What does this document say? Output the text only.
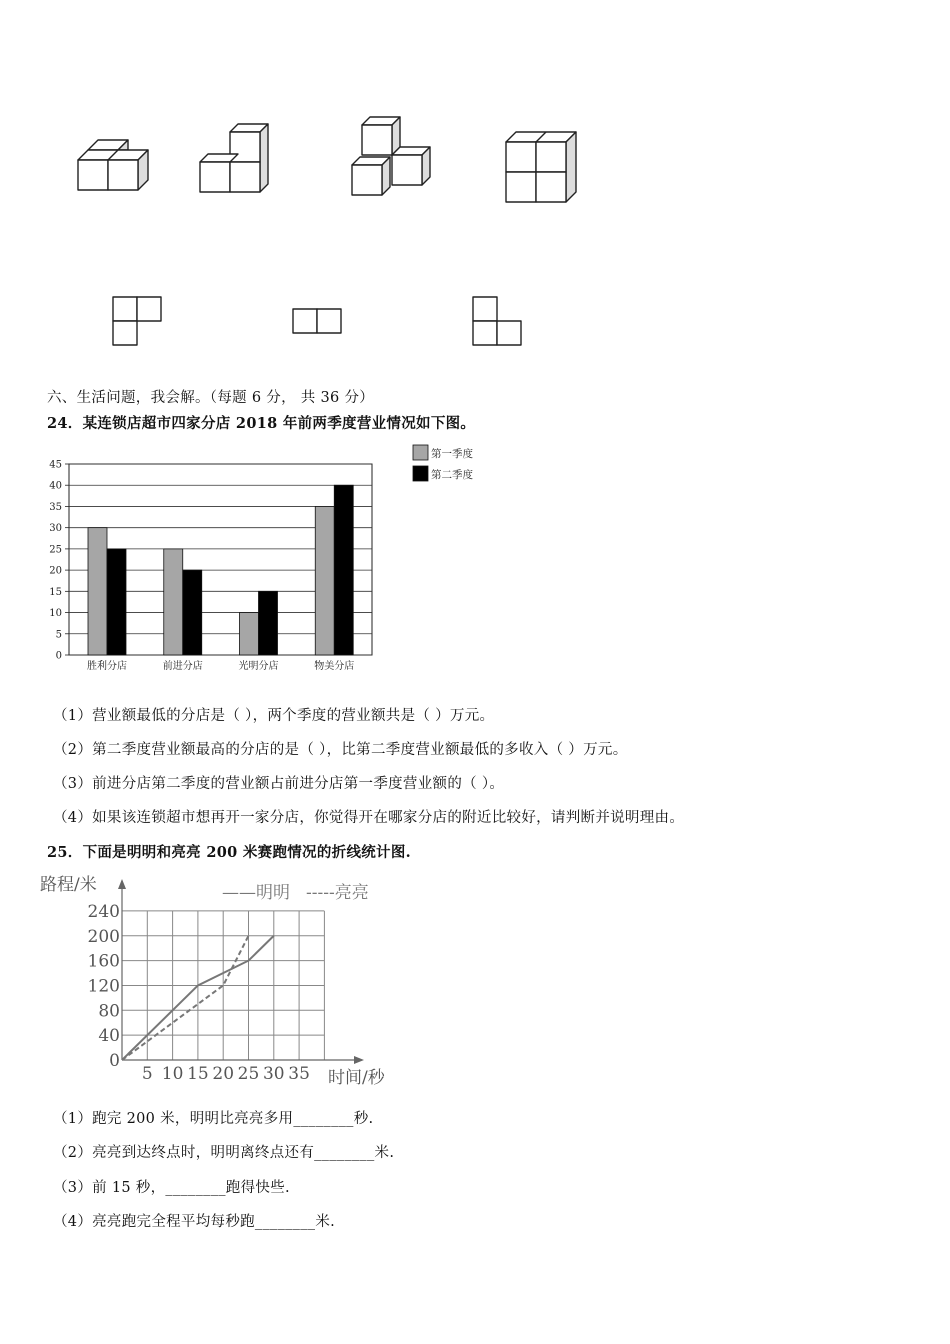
六、生活问题，我会解。（每题 6 分， 共 36 分）
24．某连锁店超市四家分店 2018 年前两季度营业情况如下图。
0
5
10
15
20
25
30
35
40
45
胜利分店	前进分店	光明分店	物美分店
第一季度
第二季度
（1）营业额最低的分店是（ ），两个季度的营业额共是（ ）万元。
（2）第二季度营业额最高的分店的是（ ），比第二季度营业额最低的多收入（ ）万元。
（3）前进分店第二季度的营业额占前进分店第一季度营业额的（ ）。
（4）如果该连锁超市想再开一家分店，你觉得开在哪家分店的附近比较好，请判断并说明理由。
25．下面是明明和亮亮 200 米赛跑情况的折线统计图.
0
40
80
120
160
200
240
5 10 15 20 25 30 35
路程/米
时间/秒
——明明 -----亮亮
（1）跑完 200 米，明明比亮亮多用________秒.
（2）亮亮到达终点时，明明离终点还有________米.
（3）前 15 秒，________跑得快些.
（4）亮亮跑完全程平均每秒跑________米.
